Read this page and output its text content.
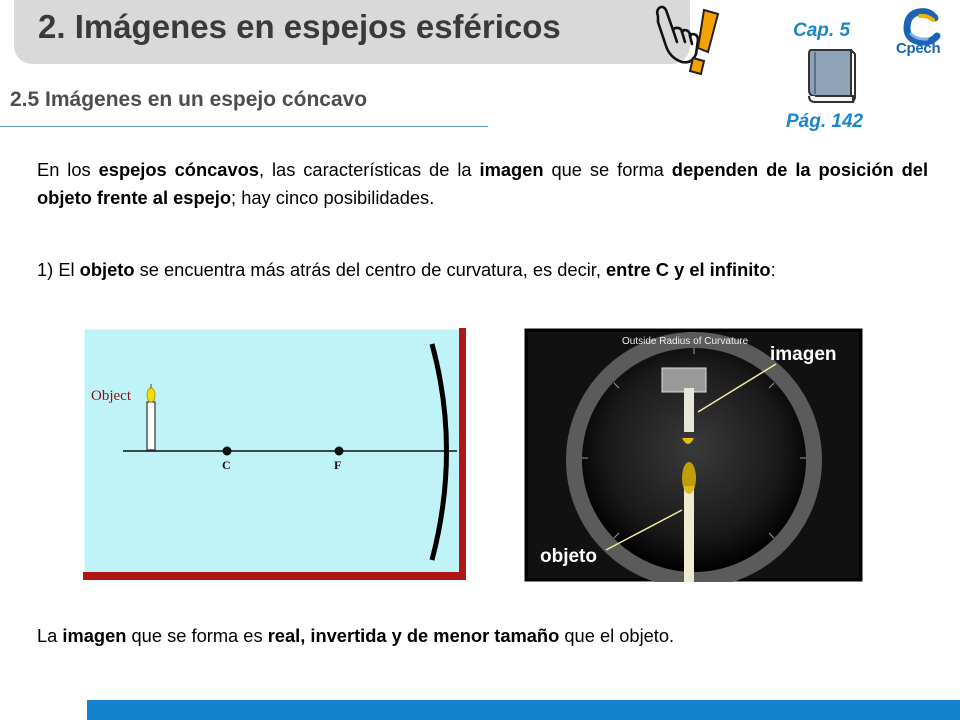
2. Imágenes en espejos esféricos	Cap. 5
Pág. 142
Cpech
2.5 Imágenes en un espejo cóncavo
En los espejos cóncavos, las características de la imagen que se forma dependen de la posición del objeto frente al espejo; hay cinco posibilidades.
1) El objeto se encuentra más atrás del centro de curvatura, es decir, entre C y el infinito:
Object
C	F
Outside Radius of Curvature
imagen
objeto
La imagen que se forma es real, invertida y de menor tamaño que el objeto.
